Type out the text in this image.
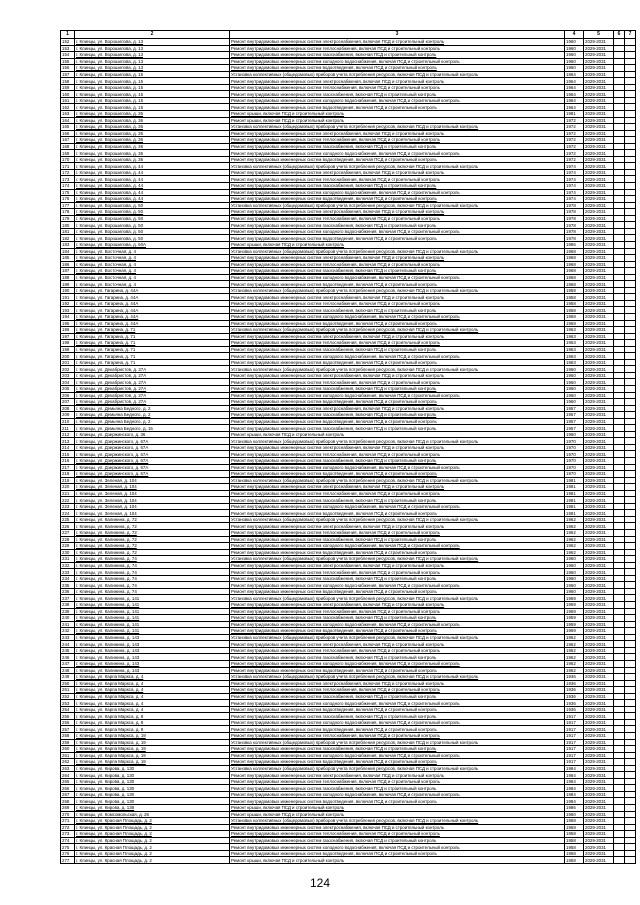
1	2	3	4	5	6	7
152	г. Клинцы, ул. Ворошилова, д. 13	Ремонт внутридомовых инженерных систем электроснабжения, включая ПСД и строительный контроль	1960	2029-2031		
153	г. Клинцы, ул. Ворошилова, д. 13	Ремонт внутридомовых инженерных систем теплоснабжения, включая ПСД и строительный контроль	1960	2029-2031		
154	г. Клинцы, ул. Ворошилова, д. 13	Ремонт внутридомовых инженерных систем газоснабжения, включая ПСД и строительный контроль	1960	2029-2031		
155	г. Клинцы, ул. Ворошилова, д. 13	Ремонт внутридомовых инженерных систем холодного водоснабжения, включая ПСД и строительный контроль	1960	2029-2031		
156	г. Клинцы, ул. Ворошилова, д. 13	Ремонт внутридомовых инженерных систем водоотведения, включая ПСД и строительный контроль	1960	2029-2031		
157	г. Клинцы, ул. Ворошилова, д. 15	Установка коллективных (общедомовых) приборов учета потребления ресурсов, включая ПСД и строительный контроль	1964	2029-2031		
158	г. Клинцы, ул. Ворошилова, д. 15	Ремонт внутридомовых инженерных систем электроснабжения, включая ПСД и строительный контроль	1964	2029-2031		
159	г. Клинцы, ул. Ворошилова, д. 15	Ремонт внутридомовых инженерных систем теплоснабжения, включая ПСД и строительный контроль	1964	2029-2031		
160	г. Клинцы, ул. Ворошилова, д. 15	Ремонт внутридомовых инженерных систем газоснабжения, включая ПСД и строительный контроль	1964	2029-2031		
161	г. Клинцы, ул. Ворошилова, д. 15	Ремонт внутридомовых инженерных систем холодного водоснабжения, включая ПСД и строительный контроль	1964	2029-2031		
162	г. Клинцы, ул. Ворошилова, д. 15	Ремонт внутридомовых инженерных систем водоотведения, включая ПСД и строительный контроль	1964	2029-2031		
163	г. Клинцы, ул. Ворошилова, д. 36	Ремонт крыши, включая ПСД и строительный контроль	1981	2029-2031		
164	г. Клинцы, ул. Ворошилова, д. 36	Ремонт крыши, включая ПСД и строительный контроль	1972	2029-2031		
165	г. Клинцы, ул. Ворошилова, д. 36	Установка коллективных (общедомовых) приборов учета потребления ресурсов, включая ПСД и строительный контроль	1972	2029-2031		
166	г. Клинцы, ул. Ворошилова, д. 36	Ремонт внутридомовых инженерных систем электроснабжения, включая ПСД и строительный контроль	1972	2029-2031		
167	г. Клинцы, ул. Ворошилова, д. 36	Ремонт внутридомовых инженерных систем теплоснабжения, включая ПСД и строительный контроль	1972	2029-2031		
168	г. Клинцы, ул. Ворошилова, д. 36	Ремонт внутридомовых инженерных систем газоснабжения, включая ПСД и строительный контроль	1972	2029-2031		
169	г. Клинцы, ул. Ворошилова, д. 36	Ремонт внутридомовых инженерных систем холодного водоснабжения, включая ПСД и строительный контроль	1972	2029-2031		
170	г. Клинцы, ул. Ворошилова, д. 36	Ремонт внутридомовых инженерных систем водоотведения, включая ПСД и строительный контроль	1972	2029-2031		
171	г. Клинцы, ул. Ворошилова, д. 44	Установка коллективных (общедомовых) приборов учета потребления ресурсов, включая ПСД и строительный контроль	1974	2029-2031		
172	г. Клинцы, ул. Ворошилова, д. 44	Ремонт внутридомовых инженерных систем электроснабжения, включая ПСД и строительный контроль	1974	2029-2031		
173	г. Клинцы, ул. Ворошилова, д. 44	Ремонт внутридомовых инженерных систем теплоснабжения, включая ПСД и строительный контроль	1974	2029-2031		
174	г. Клинцы, ул. Ворошилова, д. 44	Ремонт внутридомовых инженерных систем газоснабжения, включая ПСД и строительный контроль	1974	2029-2031		
175	г. Клинцы, ул. Ворошилова, д. 44	Ремонт внутридомовых инженерных систем холодного водоснабжения, включая ПСД и строительный контроль	1974	2029-2031		
176	г. Клинцы, ул. Ворошилова, д. 44	Ремонт внутридомовых инженерных систем водоотведения, включая ПСД и строительный контроль	1974	2029-2031		
177	г. Клинцы, ул. Ворошилова, д. 50	Установка коллективных (общедомовых) приборов учета потребления ресурсов, включая ПСД и строительный контроль	1978	2029-2031		
178	г. Клинцы, ул. Ворошилова, д. 50	Ремонт внутридомовых инженерных систем электроснабжения, включая ПСД и строительный контроль	1978	2029-2031		
179	г. Клинцы, ул. Ворошилова, д. 50	Ремонт внутридомовых инженерных систем теплоснабжения, включая ПСД и строительный контроль	1978	2029-2031		
180	г. Клинцы, ул. Ворошилова, д. 50	Ремонт внутридомовых инженерных систем газоснабжения, включая ПСД и строительный контроль	1978	2029-2031		
181	г. Клинцы, ул. Ворошилова, д. 50	Ремонт внутридомовых инженерных систем холодного водоснабжения, включая ПСД и строительный контроль	1978	2029-2031		
182	г. Клинцы, ул. Ворошилова, д. 50	Ремонт внутридомовых инженерных систем водоотведения, включая ПСД и строительный контроль	1978	2029-2031		
183	г. Клинцы, ул. Ворошилова, д. 60А	Ремонт крыши, включая ПСД и строительный контроль	1986	2029-2031		
184	г. Клинцы, ул. Восточная, д. 4	Установка коллективных (общедомовых) приборов учета потребления ресурсов, включая ПСД и строительный контроль	1968	2029-2031		
185	г. Клинцы, ул. Восточная, д. 4	Ремонт внутридомовых инженерных систем электроснабжения, включая ПСД и строительный контроль	1968	2029-2031		
186	г. Клинцы, ул. Восточная, д. 4	Ремонт внутридомовых инженерных систем теплоснабжения, включая ПСД и строительный контроль	1968	2029-2031		
187	г. Клинцы, ул. Восточная, д. 4	Ремонт внутридомовых инженерных систем газоснабжения, включая ПСД и строительный контроль	1968	2029-2031		
188	г. Клинцы, ул. Восточная, д. 4	Ремонт внутридомовых инженерных систем холодного водоснабжения, включая ПСД и строительный контроль	1968	2029-2031		
189	г. Клинцы, ул. Восточная, д. 4	Ремонт внутридомовых инженерных систем водоотведения, включая ПСД и строительный контроль	1968	2029-2031		
190	г. Клинцы, ул. Гагарина, д. 44А	Установка коллективных (общедомовых) приборов учета потребления ресурсов, включая ПСД и строительный контроль	1958	2029-2031		
191	г. Клинцы, ул. Гагарина, д. 44А	Ремонт внутридомовых инженерных систем электроснабжения, включая ПСД и строительный контроль	1958	2029-2031		
192	г. Клинцы, ул. Гагарина, д. 44А	Ремонт внутридомовых инженерных систем теплоснабжения, включая ПСД и строительный контроль	1958	2029-2031		
193	г. Клинцы, ул. Гагарина, д. 44А	Ремонт внутридомовых инженерных систем газоснабжения, включая ПСД и строительный контроль	1958	2029-2031		
194	г. Клинцы, ул. Гагарина, д. 44А	Ремонт внутридомовых инженерных систем холодного водоснабжения, включая ПСД и строительный контроль	1958	2029-2031		
195	г. Клинцы, ул. Гагарина, д. 44А	Ремонт внутридомовых инженерных систем водоотведения, включая ПСД и строительный контроль	1958	2029-2031		
196	г. Клинцы, ул. Гагарина, д. 71	Установка коллективных (общедомовых) приборов учета потребления ресурсов, включая ПСД и строительный контроль	1963	2029-2031		
197	г. Клинцы, ул. Гагарина, д. 71	Ремонт внутридомовых инженерных систем электроснабжения, включая ПСД и строительный контроль	1963	2029-2031		
198	г. Клинцы, ул. Гагарина, д. 71	Ремонт внутридомовых инженерных систем теплоснабжения, включая ПСД и строительный контроль	1963	2029-2031		
199	г. Клинцы, ул. Гагарина, д. 71	Ремонт внутридомовых инженерных систем газоснабжения, включая ПСД и строительный контроль	1963	2029-2031		
200	г. Клинцы, ул. Гагарина, д. 71	Ремонт внутридомовых инженерных систем холодного водоснабжения, включая ПСД и строительный контроль	1963	2029-2031		
201	г. Клинцы, ул. Гагарина, д. 71	Ремонт внутридомовых инженерных систем водоотведения, включая ПСД и строительный контроль	1963	2029-2031		
202	г. Клинцы, ул. Декабристов, д. 27А	Установка коллективных (общедомовых) приборов учета потребления ресурсов, включая ПСД и строительный контроль	1960	2029-2031		
203	г. Клинцы, ул. Декабристов, д. 27А	Ремонт внутридомовых инженерных систем электроснабжения, включая ПСД и строительный контроль	1960	2029-2031		
204	г. Клинцы, ул. Декабристов, д. 27А	Ремонт внутридомовых инженерных систем теплоснабжения, включая ПСД и строительный контроль	1960	2029-2031		
205	г. Клинцы, ул. Декабристов, д. 27А	Ремонт внутридомовых инженерных систем газоснабжения, включая ПСД и строительный контроль	1960	2029-2031		
206	г. Клинцы, ул. Декабристов, д. 27А	Ремонт внутридомовых инженерных систем холодного водоснабжения, включая ПСД и строительный контроль	1960	2029-2031		
207	г. Клинцы, ул. Декабристов, д. 27А	Ремонт внутридомовых инженерных систем водоотведения, включая ПСД и строительный контроль	1960	2029-2031		
208	г. Клинцы, ул. Демьяна Бедного, д. 2	Ремонт внутридомовых инженерных систем электроснабжения, включая ПСД и строительный контроль	1957	2029-2031		
209	г. Клинцы, ул. Демьяна Бедного, д. 2	Ремонт внутридомовых инженерных систем газоснабжения, включая ПСД и строительный контроль	1957	2029-2031		
210	г. Клинцы, ул. Демьяна Бедного, д. 2	Ремонт внутридомовых инженерных систем водоотведения, включая ПСД и строительный контроль	1957	2029-2031		
211	г. Клинцы, ул. Демьяна Бедного, д. 15	Ремонт внутридомовых инженерных систем газоснабжения, включая ПСД и строительный контроль	1957	2029-2031		
212	г. Клинцы, ул. Дзержинского, д. 36	Ремонт крыши, включая ПСД и строительный контроль	1960	2029-2031		
213	г. Клинцы, ул. Дзержинского, д. 67А	Установка коллективных (общедомовых) приборов учета потребления ресурсов, включая ПСД и строительный контроль	1970	2029-2031		
214	г. Клинцы, ул. Дзержинского, д. 67А	Ремонт внутридомовых инженерных систем электроснабжения, включая ПСД и строительный контроль	1970	2029-2031		
215	г. Клинцы, ул. Дзержинского, д. 67А	Ремонт внутридомовых инженерных систем теплоснабжения, включая ПСД и строительный контроль	1970	2029-2031		
216	г. Клинцы, ул. Дзержинского, д. 67А	Ремонт внутридомовых инженерных систем газоснабжения, включая ПСД и строительный контроль	1970	2029-2031		
217	г. Клинцы, ул. Дзержинского, д. 67А	Ремонт внутридомовых инженерных систем холодного водоснабжения, включая ПСД и строительный контроль	1970	2029-2031		
218	г. Клинцы, ул. Дзержинского, д. 67А	Ремонт внутридомовых инженерных систем водоотведения, включая ПСД и строительный контроль	1970	2029-2031		
219	г. Клинцы, ул. Зеленая, д. 104	Установка коллективных (общедомовых) приборов учета потребления ресурсов, включая ПСД и строительный контроль	1981	2029-2031		
220	г. Клинцы, ул. Зеленая, д. 104	Ремонт внутридомовых инженерных систем электроснабжения, включая ПСД и строительный контроль	1981	2029-2031		
221	г. Клинцы, ул. Зеленая, д. 104	Ремонт внутридомовых инженерных систем теплоснабжения, включая ПСД и строительный контроль	1981	2029-2031		
222	г. Клинцы, ул. Зеленая, д. 104	Ремонт внутридомовых инженерных систем газоснабжения, включая ПСД и строительный контроль	1981	2029-2031		
223	г. Клинцы, ул. Зеленая, д. 104	Ремонт внутридомовых инженерных систем холодного водоснабжения, включая ПСД и строительный контроль	1981	2029-2031		
224	г. Клинцы, ул. Зеленая, д. 104	Ремонт внутридомовых инженерных систем водоотведения, включая ПСД и строительный контроль	1981	2029-2031		
225	г. Клинцы, ул. Калинина, д. 72	Установка коллективных (общедомовых) приборов учета потребления ресурсов, включая ПСД и строительный контроль	1962	2029-2031		
226	г. Клинцы, ул. Калинина, д. 72	Ремонт внутридомовых инженерных систем электроснабжения, включая ПСД и строительный контроль	1962	2029-2031		
227	г. Клинцы, ул. Калинина, д. 72	Ремонт внутридомовых инженерных систем теплоснабжения, включая ПСД и строительный контроль	1962	2029-2031		
228	г. Клинцы, ул. Калинина, д. 72	Ремонт внутридомовых инженерных систем газоснабжения, включая ПСД и строительный контроль	1962	2029-2031		
229	г. Клинцы, ул. Калинина, д. 72	Ремонт внутридомовых инженерных систем холодного водоснабжения, включая ПСД и строительный контроль	1962	2029-2031		
230	г. Клинцы, ул. Калинина, д. 72	Ремонт внутридомовых инженерных систем водоотведения, включая ПСД и строительный контроль	1962	2029-2031		
231	г. Клинцы, ул. Калинина, д. 74	Установка коллективных (общедомовых) приборов учета потребления ресурсов, включая ПСД и строительный контроль	1960	2029-2031		
232	г. Клинцы, ул. Калинина, д. 74	Ремонт внутридомовых инженерных систем электроснабжения, включая ПСД и строительный контроль	1960	2029-2031		
233	г. Клинцы, ул. Калинина, д. 74	Ремонт внутридомовых инженерных систем теплоснабжения, включая ПСД и строительный контроль	1960	2029-2031		
234	г. Клинцы, ул. Калинина, д. 74	Ремонт внутридомовых инженерных систем газоснабжения, включая ПСД и строительный контроль	1960	2029-2031		
235	г. Клинцы, ул. Калинина, д. 74	Ремонт внутридомовых инженерных систем холодного водоснабжения, включая ПСД и строительный контроль	1960	2029-2031		
236	г. Клинцы, ул. Калинина, д. 74	Ремонт внутридомовых инженерных систем водоотведения, включая ПСД и строительный контроль	1960	2029-2031		
237	г. Клинцы, ул. Калинина, д. 141	Установка коллективных (общедомовых) приборов учета потребления ресурсов, включая ПСД и строительный контроль	1959	2029-2031		
238	г. Клинцы, ул. Калинина, д. 141	Ремонт внутридомовых инженерных систем электроснабжения, включая ПСД и строительный контроль	1959	2029-2031		
239	г. Клинцы, ул. Калинина, д. 141	Ремонт внутридомовых инженерных систем теплоснабжения, включая ПСД и строительный контроль	1959	2029-2031		
240	г. Клинцы, ул. Калинина, д. 141	Ремонт внутридомовых инженерных систем газоснабжения, включая ПСД и строительный контроль	1959	2029-2031		
241	г. Клинцы, ул. Калинина, д. 141	Ремонт внутридомовых инженерных систем холодного водоснабжения, включая ПСД и строительный контроль	1959	2029-2031		
242	г. Клинцы, ул. Калинина, д. 141	Ремонт внутридомовых инженерных систем водоотведения, включая ПСД и строительный контроль	1959	2029-2031		
243	г. Клинцы, ул. Калинина, д. 143	Установка коллективных (общедомовых) приборов учета потребления ресурсов, включая ПСД и строительный контроль	1962	2029-2031		
244	г. Клинцы, ул. Калинина, д. 143	Ремонт внутридомовых инженерных систем электроснабжения, включая ПСД и строительный контроль	1962	2029-2031		
245	г. Клинцы, ул. Калинина, д. 143	Ремонт внутридомовых инженерных систем теплоснабжения, включая ПСД и строительный контроль	1962	2029-2031		
246	г. Клинцы, ул. Калинина, д. 143	Ремонт внутридомовых инженерных систем газоснабжения, включая ПСД и строительный контроль	1962	2029-2031		
247	г. Клинцы, ул. Калинина, д. 143	Ремонт внутридомовых инженерных систем холодного водоснабжения, включая ПСД и строительный контроль	1962	2029-2031		
248	г. Клинцы, ул. Калинина, д. 143	Ремонт внутридомовых инженерных систем водоотведения, включая ПСД и строительный контроль	1962	2029-2031		
249	г. Клинцы, ул. Карла Маркса, д. 4	Установка коллективных (общедомовых) приборов учета потребления ресурсов, включая ПСД и строительный контроль	1936	2029-2031		
250	г. Клинцы, ул. Карла Маркса, д. 4	Ремонт внутридомовых инженерных систем электроснабжения, включая ПСД и строительный контроль	1936	2029-2031		
251	г. Клинцы, ул. Карла Маркса, д. 4	Ремонт внутридомовых инженерных систем теплоснабжения, включая ПСД и строительный контроль	1936	2029-2031		
252	г. Клинцы, ул. Карла Маркса, д. 4	Ремонт внутридомовых инженерных систем газоснабжения, включая ПСД и строительный контроль	1936	2029-2031		
253	г. Клинцы, ул. Карла Маркса, д. 4	Ремонт внутридомовых инженерных систем холодного водоснабжения, включая ПСД и строительный контроль	1936	2029-2031		
254	г. Клинцы, ул. Карла Маркса, д. 4	Ремонт внутридомовых инженерных систем водоотведения, включая ПСД и строительный контроль	1936	2029-2031		
255	г. Клинцы, ул. Карла Маркса, д. 8	Ремонт внутридомовых инженерных систем газоснабжения, включая ПСД и строительный контроль	1917	2029-2031		
256	г. Клинцы, ул. Карла Маркса, д. 8	Ремонт внутридомовых инженерных систем холодного водоснабжения, включая ПСД и строительный контроль	1917	2029-2031		
257	г. Клинцы, ул. Карла Маркса, д. 8	Ремонт внутридомовых инженерных систем водоотведения, включая ПСД и строительный контроль	1917	2029-2031		
258	г. Клинцы, ул. Карла Маркса, д. 19	Ремонт внутридомовых инженерных систем теплоснабжения, включая ПСД и строительный контроль	1917	2029-2031		
259	г. Клинцы, ул. Карла Маркса, д. 19	Установка коллективных (общедомовых) приборов учета потребления ресурсов, включая ПСД и строительный контроль	1917	2029-2031		
260	г. Клинцы, ул. Карла Маркса, д. 19	Ремонт внутридомовых инженерных систем газоснабжения, включая ПСД и строительный контроль	1917	2029-2031		
261	г. Клинцы, ул. Карла Маркса, д. 19	Ремонт внутридомовых инженерных систем холодного водоснабжения, включая ПСД и строительный контроль	1917	2029-2031		
262	г. Клинцы, ул. Карла Маркса, д. 19	Ремонт внутридомовых инженерных систем водоотведения, включая ПСД и строительный контроль	1917	2029-2031		
263	г. Клинцы, ул. Кирова, д. 130	Установка коллективных (общедомовых) приборов учета потребления ресурсов, включая ПСД и строительный контроль	1984	2029-2031		
264	г. Клинцы, ул. Кирова, д. 130	Ремонт внутридомовых инженерных систем электроснабжения, включая ПСД и строительный контроль	1984	2029-2031		
265	г. Клинцы, ул. Кирова, д. 130	Ремонт внутридомовых инженерных систем теплоснабжения, включая ПСД и строительный контроль	1984	2029-2031		
266	г. Клинцы, ул. Кирова, д. 130	Ремонт внутридомовых инженерных систем газоснабжения, включая ПСД и строительный контроль	1984	2029-2031		
267	г. Клинцы, ул. Кирова, д. 130	Ремонт внутридомовых инженерных систем холодного водоснабжения, включая ПСД и строительный контроль	1984	2029-2031		
268	г. Клинцы, ул. Кирова, д. 130	Ремонт внутридомовых инженерных систем водоотведения, включая ПСД и строительный контроль	1984	2029-2031		
269	г. Клинцы, ул. Кирова, д. 138	Ремонт крыши, включая ПСД и строительный контроль	1986	2029-2031		
270	г. Клинцы, ул. Комсомольская, д. 26	Ремонт крыши, включая ПСД и строительный контроль	1960	2029-2031		
271	г. Клинцы, ул. Красная Площадь, д. 2	Установка коллективных (общедомовых) приборов учета потребления ресурсов, включая ПСД и строительный контроль	1958	2029-2031		
272	г. Клинцы, ул. Красная Площадь, д. 2	Ремонт внутридомовых инженерных систем электроснабжения, включая ПСД и строительный контроль	1958	2029-2031		
273	г. Клинцы, ул. Красная Площадь, д. 2	Ремонт внутридомовых инженерных систем теплоснабжения, включая ПСД и строительный контроль	1958	2029-2031		
274	г. Клинцы, ул. Красная Площадь, д. 2	Ремонт внутридомовых инженерных систем газоснабжения, включая ПСД и строительный контроль	1958	2029-2031		
275	г. Клинцы, ул. Красная Площадь, д. 2	Ремонт внутридомовых инженерных систем холодного водоснабжения, включая ПСД и строительный контроль	1958	2029-2031		
276	г. Клинцы, ул. Красная Площадь, д. 2	Ремонт внутридомовых инженерных систем водоотведения, включая ПСД и строительный контроль	1958	2029-2031		
277	г. Клинцы, ул. Красная Площадь, д. 2	Ремонт крыши, включая ПСД и строительный контроль	1958	2029-2031		
124
